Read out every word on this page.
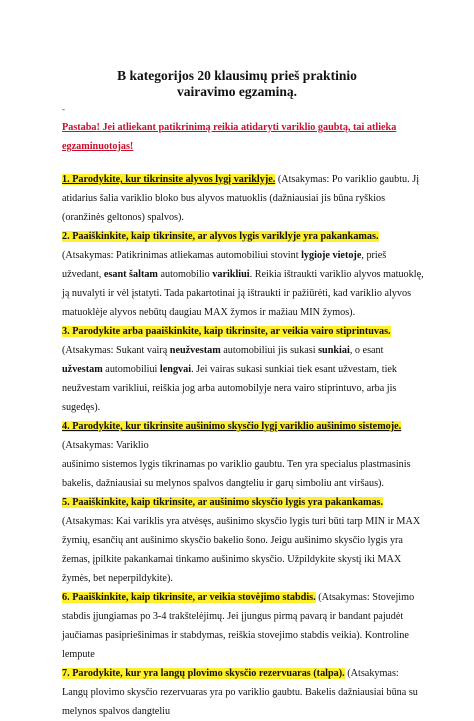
B kategorijos 20 klausimų prieš praktinio
vairavimo egzaminą.
-
Pastaba! Jei atliekant patikrinimą reikia atidaryti variklio gaubtą, tai atlieka egzaminuotojas!

1. Parodykite, kur tikrinsite alyvos lygį variklyje. (Atsakymas: Po variklio gaubtu. Jį atidarius šalia variklio bloko bus alyvos matuoklis (dažniausiai jis būna ryškios (oranžinės geltonos) spalvos).

2. Paaiškinkite, kaip tikrinsite, ar alyvos lygis variklyje yra pakankamas. (Atsakymas: Patikrinimas atliekamas automobiliui stovint lygioje vietoje, prieš užvedant, esant šaltam automobilio varikliui. Reikia ištraukti variklio alyvos matuoklę, ją nuvalyti ir vėl įstatyti. Tada pakartotinai ją ištraukti ir pažiūrėti, kad variklio alyvos matuoklėje alyvos nebūtų daugiau MAX žymos ir mažiau MIN žymos).

3. Parodykite arba paaiškinkite, kaip tikrinsite, ar veikia vairo stiprintuvas. (Atsakymas: Sukant vairą neužvestam automobiliui jis sukasi sunkiai, o esant užvestam automobiliui lengvai. Jei vairas sukasi sunkiai tiek esant užvestam, tiek neužvestam varikliui, reiškia jog arba automobilyje nera vairo stiprintuvo, arba jis sugedęs).

4. Parodykite, kur tikrinsite aušinimo skysčio lygį variklio aušinimo sistemoje. (Atsakymas: Variklio
aušinimo sistemos lygis tikrinamas po variklio gaubtu. Ten yra specialus plastmasinis bakelis, dažniausiai su melynos spalvos dangteliu ir garų simboliu ant viršaus).

5. Paaiškinkite, kaip tikrinsite, ar aušinimo skysčio lygis yra pakankamas. (Atsakymas: Kai variklis yra atvėsęs, aušinimo skysčio lygis turi būti tarp MIN ir MAX žymių, esančių ant aušinimo skysčio bakelio šono. Jeigu aušinimo skysčio lygis yra žemas, įpilkite pakankamai tinkamo aušinimo skysčio. Užpildykite skystį iki MAX žymės, bet neperpildykite).

6. Paaiškinkite, kaip tikrinsite, ar veikia stovėjimo stabdis. (Atsakymas: Stovejimo stabdis įjungiamas po 3-4 trakštelėjimų. Jei įjungus pirmą pavarą ir bandant pajudėt jaučiamas pasipriešinimas ir stabdymas, reiškia stovejimo stabdis veikia). Kontroline lempute

7. Parodykite, kur yra langų plovimo skysčio rezervuaras (talpa). (Atsakymas: Langų plovimo skysčio rezervuaras yra po variklio gaubtu. Bakelis dažniausiai būna su melynos spalvos dangteliu
